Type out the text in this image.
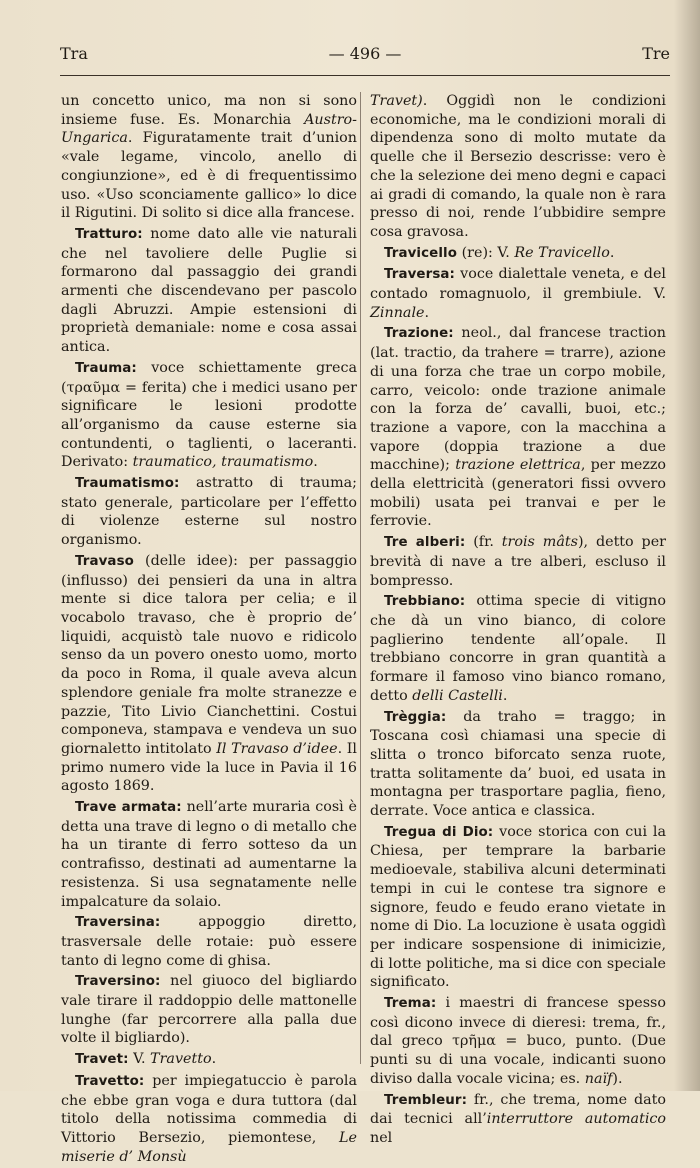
Tra	— 496 —	Tre

un concetto unico, ma non si sono insieme fuse. Es. Monarchia Austro-Ungarica. Figuratamente trait d’union «vale legame, vincolo, anello di congiunzione», ed è di frequentissimo uso. «Uso sconciamente gallico» lo dice il Rigutini. Di solito si dice alla francese.

Tratturo: nome dato alle vie naturali che nel tavoliere delle Puglie si formarono dal passaggio dei grandi armenti che discendevano per pascolo dagli Abruzzi. Ampie estensioni di proprietà demaniale: nome e cosa assai antica.

Trauma: voce schiettamente greca (τραῦμα = ferita) che i medici usano per significare le lesioni prodotte all’organismo da cause esterne sia contundenti, o taglienti, o laceranti. Derivato: traumatico, traumatismo.

Traumatismo: astratto di trauma; stato generale, particolare per l’effetto di violenze esterne sul nostro organismo.

Travaso (delle idee): per passaggio (influsso) dei pensieri da una in altra mente si dice talora per celia; e il vocabolo travaso, che è proprio de’ liquidi, acquistò tale nuovo e ridicolo senso da un povero onesto uomo, morto da poco in Roma, il quale aveva alcun splendore geniale fra molte stranezze e pazzie, Tito Livio Cianchettini. Costui componeva, stampava e vendeva un suo giornaletto intitolato Il Travaso d’idee. Il primo numero vide la luce in Pavia il 16 agosto 1869.

Trave armata: nell’arte muraria così è detta una trave di legno o di metallo che ha un tirante di ferro sotteso da un contrafisso, destinati ad aumentarne la resistenza. Si usa segnatamente nelle impalcature da solaio.

Traversina: appoggio diretto, trasversale delle rotaie: può essere tanto di legno come di ghisa.

Traversino: nel giuoco del bigliardo vale tirare il raddoppio delle mattonelle lunghe (far percorrere alla palla due volte il bigliardo).

Travet: V. Travetto.

Travetto: per impiegatuccio è parola che ebbe gran voga e dura tuttora (dal titolo della notissima commedia di Vittorio Bersezio, piemontese, Le miserie d’ Monsù

Travet). Oggidì non le condizioni economiche, ma le condizioni morali di dipendenza sono di molto mutate da quelle che il Bersezio descrisse: vero è che la selezione dei meno degni e capaci ai gradi di comando, la quale non è rara presso di noi, rende l’ubbidire sempre cosa gravosa.

Travicello (re): V. Re Travicello.

Traversa: voce dialettale veneta, e del contado romagnuolo, il grembiule. V. Zinnale.

Trazione: neol., dal francese traction (lat. tractio, da trahere = trarre), azione di una forza che trae un corpo mobile, carro, veicolo: onde trazione animale con la forza de’ cavalli, buoi, etc.; trazione a vapore, con la macchina a vapore (doppia trazione a due macchine); trazione elettrica, per mezzo della elettricità (generatori fissi ovvero mobili) usata pei tranvai e per le ferrovie.

Tre alberi: (fr. trois mâts), detto per brevità di nave a tre alberi, escluso il bompresso.

Trebbiano: ottima specie di vitigno che dà un vino bianco, di colore paglierino tendente all’opale. Il trebbiano concorre in gran quantità a formare il famoso vino bianco romano, detto delli Castelli.

Trèggia: da traho = traggo; in Toscana così chiamasi una specie di slitta o tronco biforcato senza ruote, tratta solitamente da’ buoi, ed usata in montagna per trasportare paglia, fieno, derrate. Voce antica e classica.

Tregua di Dio: voce storica con cui la Chiesa, per temprare la barbarie medioevale, stabiliva alcuni determinati tempi in cui le contese tra signore e signore, feudo e feudo erano vietate in nome di Dio. La locuzione è usata oggidì per indicare sospensione di inimicizie, di lotte politiche, ma si dice con speciale significato.

Trema: i maestri di francese spesso così dicono invece di dieresi: trema, fr., dal greco τρῆμα = buco, punto. (Due punti su di una vocale, indicanti suono diviso dalla vocale vicina; es. naïf).

Trembleur: fr., che trema, nome dato dai tecnici all’interruttore automatico nel
